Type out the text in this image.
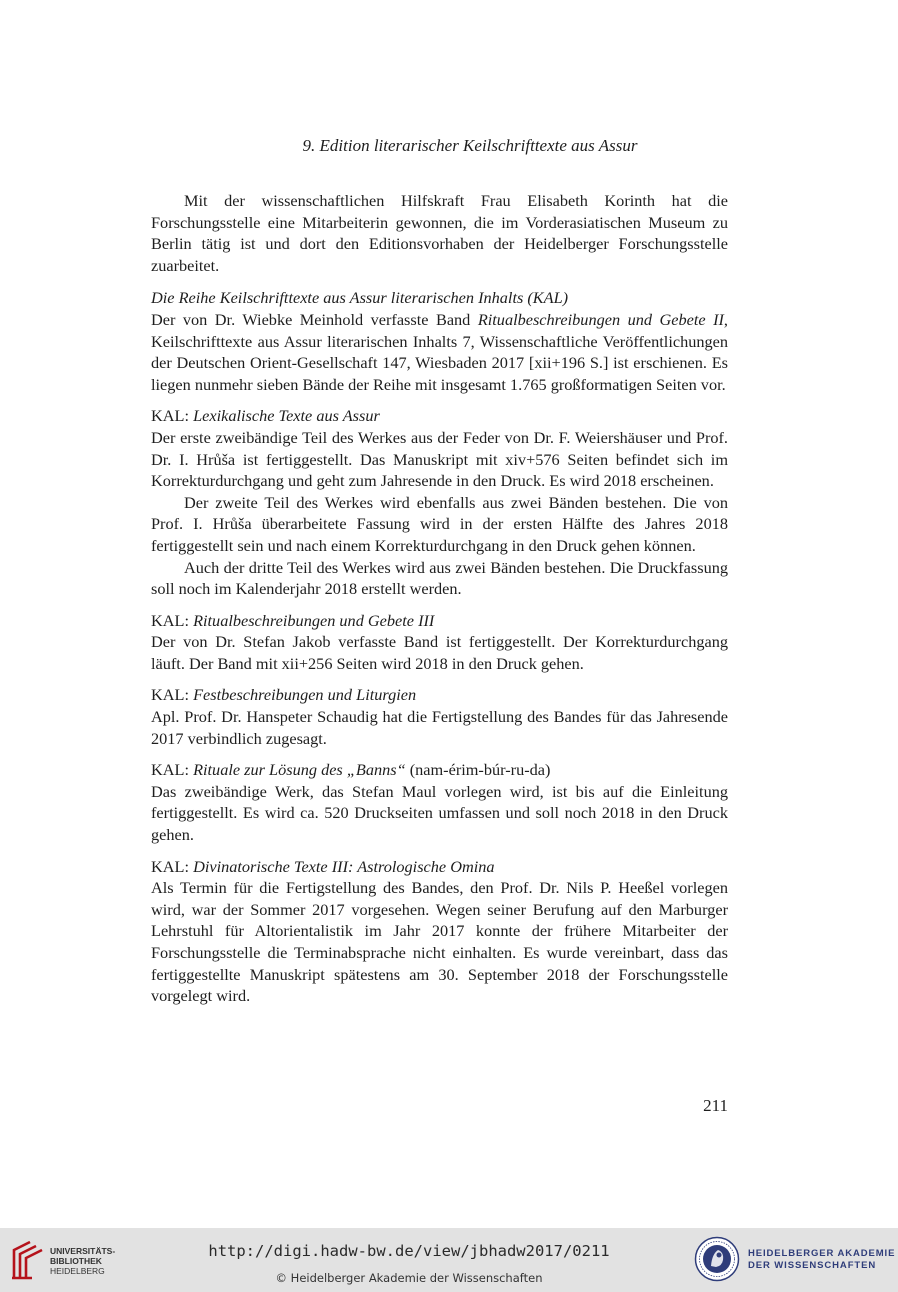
9. Edition literarischer Keilschrifttexte aus Assur

Mit der wissenschaftlichen Hilfskraft Frau Elisabeth Korinth hat die Forschungsstelle eine Mitarbeiterin gewonnen, die im Vorderasiatischen Museum zu Berlin tätig ist und dort den Editionsvorhaben der Heidelberger Forschungsstelle zuarbeitet.

Die Reihe Keilschrifttexte aus Assur literarischen Inhalts (KAL)

Der von Dr. Wiebke Meinhold verfasste Band Ritualbeschreibungen und Gebete II, Keilschrifttexte aus Assur literarischen Inhalts 7, Wissenschaftliche Veröffentlichungen der Deutschen Orient-Gesellschaft 147, Wiesbaden 2017 [xii+196 S.] ist erschienen. Es liegen nunmehr sieben Bände der Reihe mit insgesamt 1.765 großformatigen Seiten vor.

KAL: Lexikalische Texte aus Assur

Der erste zweibändige Teil des Werkes aus der Feder von Dr. F. Weiershäuser und Prof. Dr. I. Hrůša ist fertiggestellt. Das Manuskript mit xiv+576 Seiten befindet sich im Korrekturdurchgang und geht zum Jahresende in den Druck. Es wird 2018 erscheinen.

Der zweite Teil des Werkes wird ebenfalls aus zwei Bänden bestehen. Die von Prof. I. Hrůša überarbeitete Fassung wird in der ersten Hälfte des Jahres 2018 fertiggestellt sein und nach einem Korrekturdurchgang in den Druck gehen können.

Auch der dritte Teil des Werkes wird aus zwei Bänden bestehen. Die Druckfassung soll noch im Kalenderjahr 2018 erstellt werden.

KAL: Ritualbeschreibungen und Gebete III

Der von Dr. Stefan Jakob verfasste Band ist fertiggestellt. Der Korrekturdurchgang läuft. Der Band mit xii+256 Seiten wird 2018 in den Druck gehen.

KAL: Festbeschreibungen und Liturgien

Apl. Prof. Dr. Hanspeter Schaudig hat die Fertigstellung des Bandes für das Jahresende 2017 verbindlich zugesagt.

KAL: Rituale zur Lösung des „Banns“ (nam-érim-búr-ru-da)

Das zweibändige Werk, das Stefan Maul vorlegen wird, ist bis auf die Einleitung fertiggestellt. Es wird ca. 520 Druckseiten umfassen und soll noch 2018 in den Druck gehen.

KAL: Divinatorische Texte III: Astrologische Omina

Als Termin für die Fertigstellung des Bandes, den Prof. Dr. Nils P. Heeßel vorlegen wird, war der Sommer 2017 vorgesehen. Wegen seiner Berufung auf den Marburger Lehrstuhl für Altorientalistik im Jahr 2017 konnte der frühere Mitarbeiter der Forschungsstelle die Terminabsprache nicht einhalten. Es wurde vereinbart, dass das fertiggestellte Manuskript spätestens am 30. September 2018 der Forschungsstelle vorgelegt wird.

211
UNIVERSITÄTS-
BIBLIOTHEK
HEIDELBERG
http://digi.hadw-bw.de/view/jbhadw2017/0211
© Heidelberger Akademie der Wissenschaften
HEIDELBERGER AKADEMIE
DER WISSENSCHAFTEN
